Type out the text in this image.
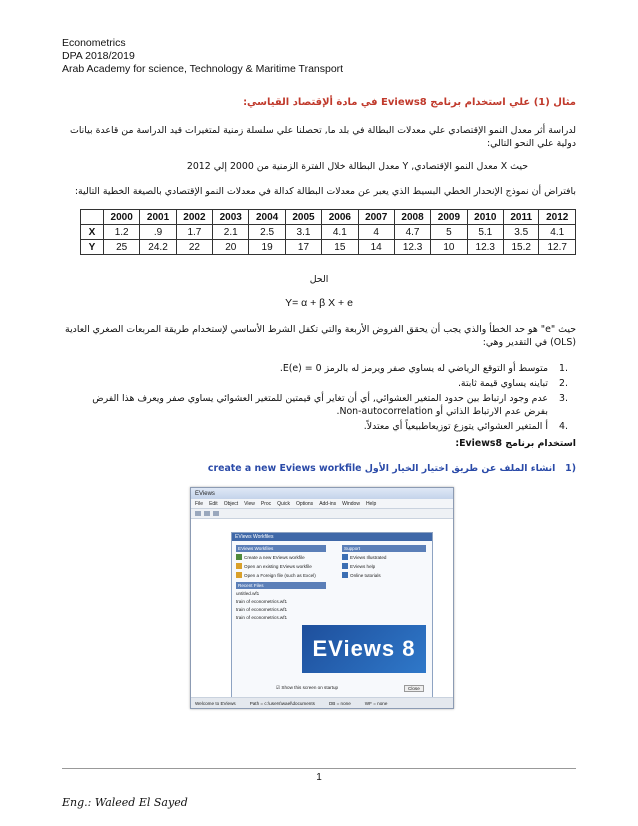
Econometrics
DPA 2018/2019
Arab Academy for science, Technology & Maritime Transport
مثال (1) علي استخدام برنامج Eviews8 في مادة ألإقتصاد القياسي:
لدراسة أثر معدل النمو الإقتصادي علي معدلات البطالة في بلد ما, تحصلنا علي سلسلة زمنية لمتغيرات قيد الدراسة من قاعدة بيانات دولية علي النحو التالي:
حيث X معدل النمو الإقتصادي, Y معدل البطالة خلال الفترة الزمنية من 2000 إلي 2012
بافتراض أن نموذج الإنحدار الخطي البسيط الذي يعبر عن معدلات البطالة كدالة في معدلات النمو الإقتصادي بالصيغة الخطية التالية:
	2000	2001	2002	2003	2004	2005	2006	2007	2008	2009	2010	2011	2012
X	1.2	.9	1.7	2.1	2.5	3.1	4.1	4	4.7	5	5.1	3.5	4.1
Y	25	24.2	22	20	19	17	15	14	12.3	10	12.3	15.2	12.7
الحل
Y= α + β X + e
حيث "e" هو حد الخطأ والذي يجب أن يحقق الفروض الأربعة والتي تكفل الشرط الأساسي لإستخدام طريقة المربعات الصغري العادية (OLS) في التقدير وهي:
.1
متوسط أو التوقع الرياضي له يساوي صفر ويرمز له بالرمز E(e) = 0.
.2
تباينه يساوي قيمة ثابتة.
.3
عدم وجود ارتباط بين حدود المتغير العشوائي, أي أن تغاير أي قيمتين للمتغير العشوائي يساوي صفر ويعرف هذا الفرض بفرض عدم الارتباط الذاتي أو Non-autocorrelation.
.4
أ المتغير العشوائي يتوزع توزيعاطبيعياً أي معتدلاً.
استخدام برنامج Eviews8:
(1   انشاء الملف عن طريق اختيار الخيار الأول create a new Eviews workfile
EViews
File Edit Object View Proc Quick Options Add-ins Window Help
EViews Workfiles
EViews Workfiles
Create a new EViews workfile
Open an existing EViews workfile
Open a Foreign file (such as Excel)
Recent Files
untitled.wf1
train of econometrics.wf1
train of econometrics.wf1
train of econometrics.wf1
Support
EViews Illustrated
EViews help
Online tutorials
EViews 8
☑ Show this screen on startup	Close
Welcome to EViews	Path = c:\users\wael\documents	DB = none	WF = none
1
Eng.: Waleed El Sayed
